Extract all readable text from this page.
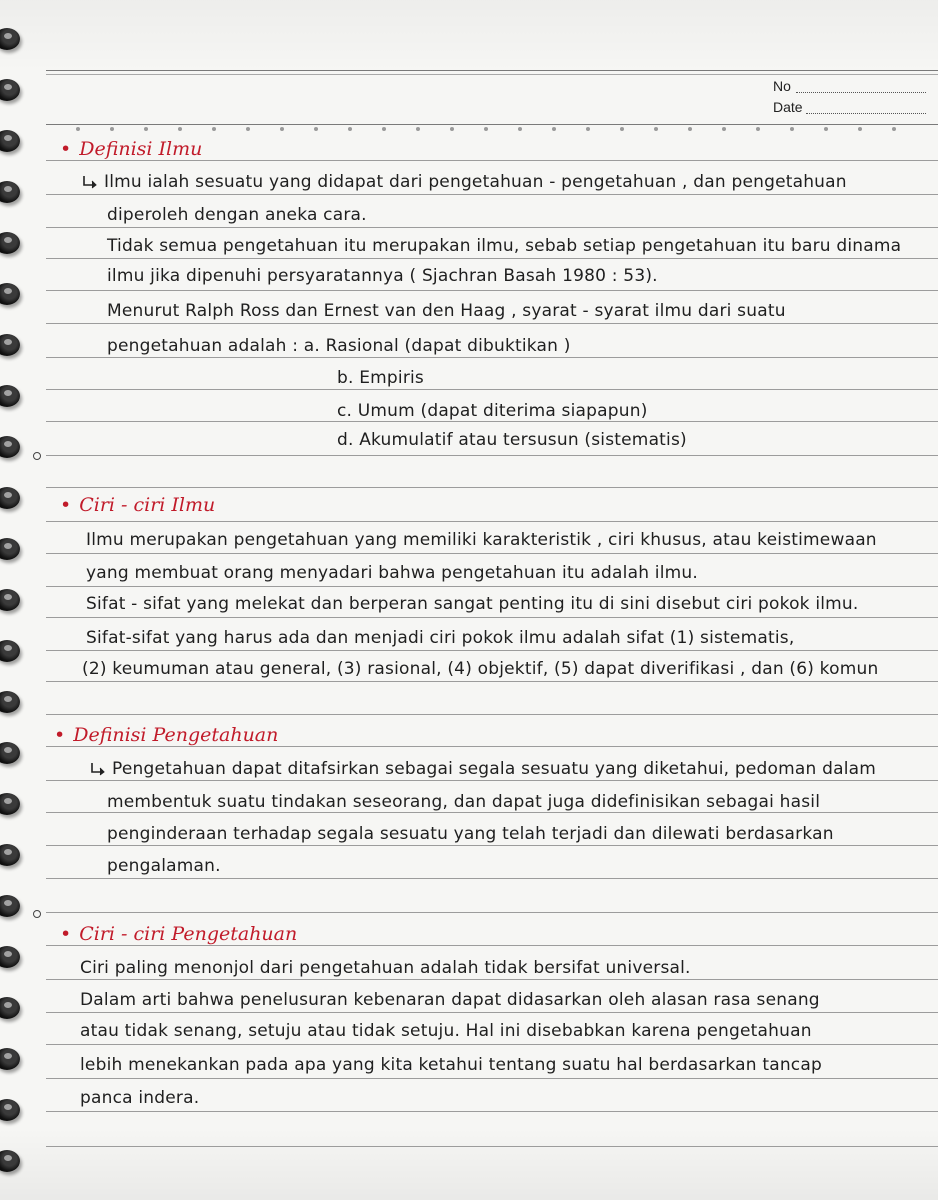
No
Date
• Definisi Ilmu
Ilmu ialah sesuatu yang didapat dari pengetahuan - pengetahuan , dan pengetahuan
diperoleh dengan aneka cara.
Tidak semua pengetahuan itu merupakan ilmu, sebab setiap pengetahuan itu baru dinama
ilmu jika dipenuhi persyaratannya ( Sjachran Basah 1980 : 53).
Menurut Ralph Ross dan Ernest van den Haag , syarat - syarat ilmu dari suatu
pengetahuan adalah : a. Rasional (dapat dibuktikan )
b. Empiris
c. Umum (dapat diterima siapapun)
d. Akumulatif atau tersusun (sistematis)
• Ciri - ciri Ilmu
Ilmu merupakan pengetahuan yang memiliki karakteristik , ciri khusus, atau keistimewaan
yang membuat orang menyadari bahwa pengetahuan itu adalah ilmu.
Sifat - sifat yang melekat dan berperan sangat penting itu di sini disebut ciri pokok ilmu.
Sifat-sifat yang harus ada dan menjadi ciri pokok ilmu adalah sifat (1) sistematis,
(2) keumuman atau general, (3) rasional, (4) objektif, (5) dapat diverifikasi , dan (6) komun
• Definisi Pengetahuan
Pengetahuan dapat ditafsirkan sebagai segala sesuatu yang diketahui, pedoman dalam
membentuk suatu tindakan seseorang, dan dapat juga didefinisikan sebagai hasil
penginderaan terhadap segala sesuatu yang telah terjadi dan dilewati berdasarkan
pengalaman.
• Ciri - ciri Pengetahuan
Ciri paling menonjol dari pengetahuan adalah tidak bersifat universal.
Dalam arti bahwa penelusuran kebenaran dapat didasarkan oleh alasan rasa senang
atau tidak senang, setuju atau tidak setuju. Hal ini disebabkan karena pengetahuan
lebih menekankan pada apa yang kita ketahui tentang suatu hal berdasarkan tancap
panca indera.
